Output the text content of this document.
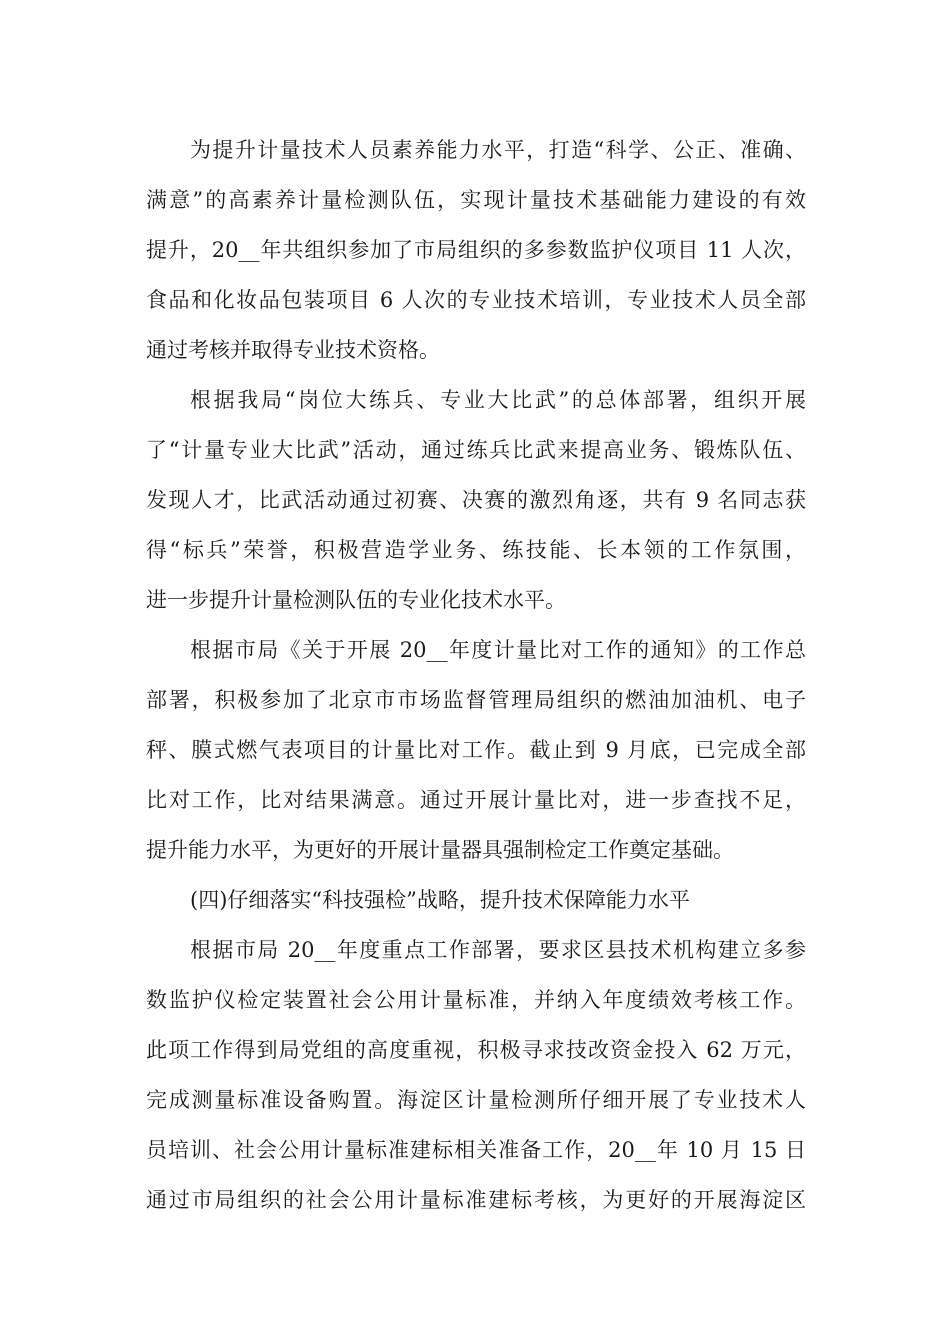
为提升计量技术人员素养能力水平，打造“科学、公正、准确、
满意”的高素养计量检测队伍，实现计量技术基础能力建设的有效
提升，20__年共组织参加了市局组织的多参数监护仪项目 11 人次，
食品和化妆品包装项目 6 人次的专业技术培训，专业技术人员全部
通过考核并取得专业技术资格。
根据我局“岗位大练兵、专业大比武”的总体部署，组织开展
了“计量专业大比武”活动，通过练兵比武来提高业务、锻炼队伍、
发现人才，比武活动通过初赛、决赛的激烈角逐，共有 9 名同志获
得“标兵”荣誉，积极营造学业务、练技能、长本领的工作氛围，
进一步提升计量检测队伍的专业化技术水平。
根据市局《关于开展 20__年度计量比对工作的通知》的工作总
部署，积极参加了北京市市场监督管理局组织的燃油加油机、电子
秤、膜式燃气表项目的计量比对工作。截止到 9 月底，已完成全部
比对工作，比对结果满意。通过开展计量比对，进一步查找不足，
提升能力水平，为更好的开展计量器具强制检定工作奠定基础。
(四)仔细落实“科技强检”战略，提升技术保障能力水平
根据市局 20__年度重点工作部署，要求区县技术机构建立多参
数监护仪检定装置社会公用计量标准，并纳入年度绩效考核工作。
此项工作得到局党组的高度重视，积极寻求技改资金投入 62 万元，
完成测量标准设备购置。海淀区计量检测所仔细开展了专业技术人
员培训、社会公用计量标准建标相关准备工作，20__年 10 月 15 日
通过市局组织的社会公用计量标准建标考核，为更好的开展海淀区
